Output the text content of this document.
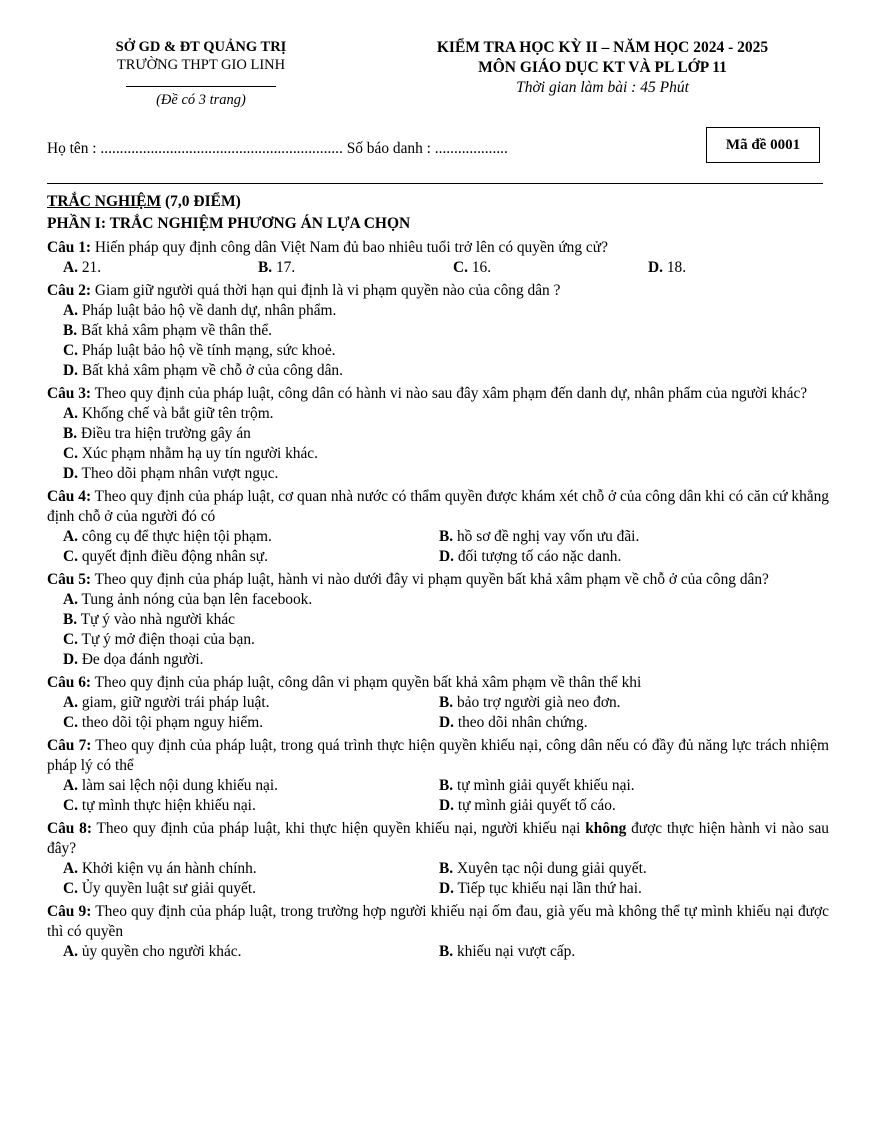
SỞ GD & ĐT QUẢNG TRỊ
TRƯỜNG THPT GIO LINH
(Đề có 3 trang)
KIỂM TRA HỌC KỲ II – NĂM HỌC 2024 - 2025
MÔN GIÁO DỤC KT VÀ PL LỚP 11
Thời gian làm bài : 45 Phút
Họ tên : ............................................................... Số báo danh : ...................	Mã đề 0001
TRẮC NGHIỆM (7,0 ĐIỂM)
PHẦN I: TRẮC NGHIỆM PHƯƠNG ÁN LỰA CHỌN
Câu 1: Hiến pháp quy định công dân Việt Nam đủ bao nhiêu tuổi trở lên có quyền ứng cử?
A. 21.	B. 17.	C. 16.	D. 18.
Câu 2: Giam giữ người quá thời hạn qui định là vi phạm quyền nào của công dân ?
A. Pháp luật bảo hộ về danh dự, nhân phẩm.
B. Bất khả xâm phạm về thân thể.
C. Pháp luật bảo hộ về tính mạng, sức khoẻ.
D. Bất khả xâm phạm về chỗ ở của công dân.
Câu 3: Theo quy định của pháp luật, công dân có hành vi nào sau đây xâm phạm đến danh dự, nhân phẩm của người khác?
A. Khống chế và bắt giữ tên trộm.
B. Điều tra hiện trường gây án
C. Xúc phạm nhằm hạ uy tín người khác.
D. Theo dõi phạm nhân vượt ngục.
Câu 4: Theo quy định của pháp luật, cơ quan nhà nước có thẩm quyền được khám xét chỗ ở của công dân khi có căn cứ khẳng định chỗ ở của người đó có
A. công cụ để thực hiện tội phạm.	B. hồ sơ đề nghị vay vốn ưu đãi.
C. quyết định điều động nhân sự.	D. đối tượng tố cáo nặc danh.
Câu 5: Theo quy định của pháp luật, hành vi nào dưới đây vi phạm quyền bất khả xâm phạm về chỗ ở của công dân?
A. Tung ảnh nóng của bạn lên facebook.
B. Tự ý vào nhà người khác
C. Tự ý mở điện thoại của bạn.
D. Đe dọa đánh người.
Câu 6: Theo quy định của pháp luật, công dân vi phạm quyền bất khả xâm phạm về thân thể khi
A. giam, giữ người trái pháp luật.	B. bảo trợ người già neo đơn.
C. theo dõi tội phạm nguy hiểm.	D. theo dõi nhân chứng.
Câu 7: Theo quy định của pháp luật, trong quá trình thực hiện quyền khiếu nại, công dân nếu có đầy đủ năng lực trách nhiệm pháp lý có thể
A. làm sai lệch nội dung khiếu nại.	B. tự mình giải quyết khiếu nại.
C. tự mình thực hiện khiếu nại.	D. tự mình giải quyết tố cáo.
Câu 8: Theo quy định của pháp luật, khi thực hiện quyền khiếu nại, người khiếu nại không được thực hiện hành vi nào sau đây?
A. Khởi kiện vụ án hành chính.	B. Xuyên tạc nội dung giải quyết.
C. Ủy quyền luật sư giải quyết.	D. Tiếp tục khiếu nại lần thứ hai.
Câu 9: Theo quy định của pháp luật, trong trường hợp người khiếu nại ốm đau, già yếu mà không thể tự mình khiếu nại được thì có quyền
A. ủy quyền cho người khác.	B. khiếu nại vượt cấp.
